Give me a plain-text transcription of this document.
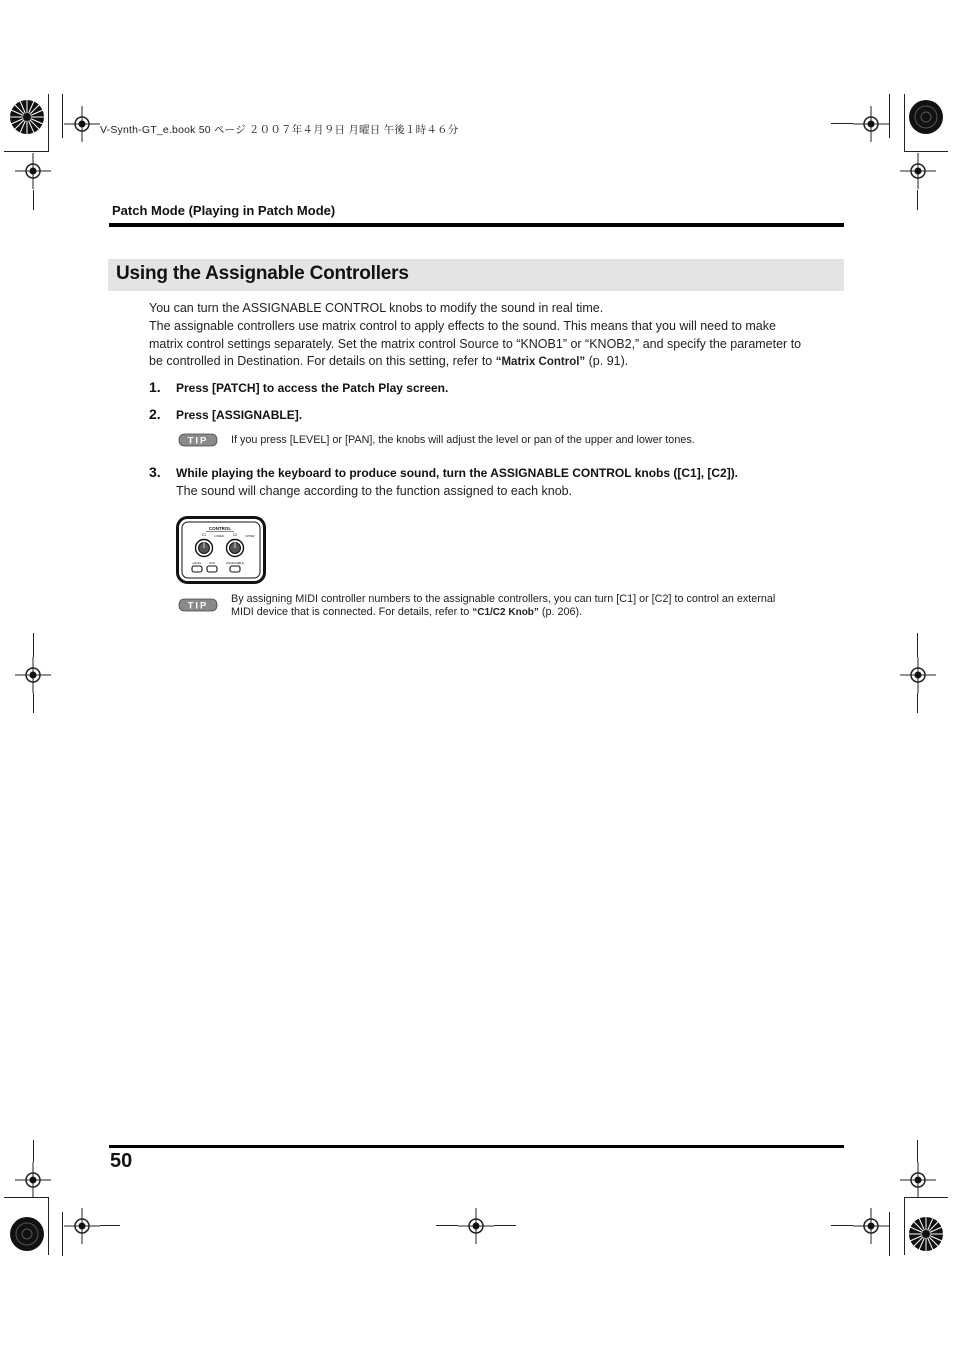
V-Synth-GT_e.book 50 ページ ２００７年４月９日 月曜日 午後１時４６分
Patch Mode (Playing in Patch Mode)
Using the Assignable Controllers

You can turn the ASSIGNABLE CONTROL knobs to modify the sound in real time.

The assignable controllers use matrix control to apply effects to the sound. This means that you will need to make matrix control settings separately. Set the matrix control Source to “KNOB1” or “KNOB2,” and specify the parameter to be controlled in Destination. For details on this setting, refer to “Matrix Control” (p. 91).

1. Press [PATCH] to access the Patch Play screen.
2. Press [ASSIGNABLE].
TIP If you press [LEVEL] or [PAN], the knobs will adjust the level or pan of the upper and lower tones.
3. While playing the keyboard to produce sound, turn the ASSIGNABLE CONTROL knobs ([C1], [C2]).
The sound will change according to the function assigned to each knob.
CONTROL
C1	C2
LOWER	UPPER
LEVEL	PAN	ASSIGNABLE
TIP
By assigning MIDI controller numbers to the assignable controllers, you can turn [C1] or [C2] to control an external
MIDI device that is connected. For details, refer to “C1/C2 Knob” (p. 206).
50
